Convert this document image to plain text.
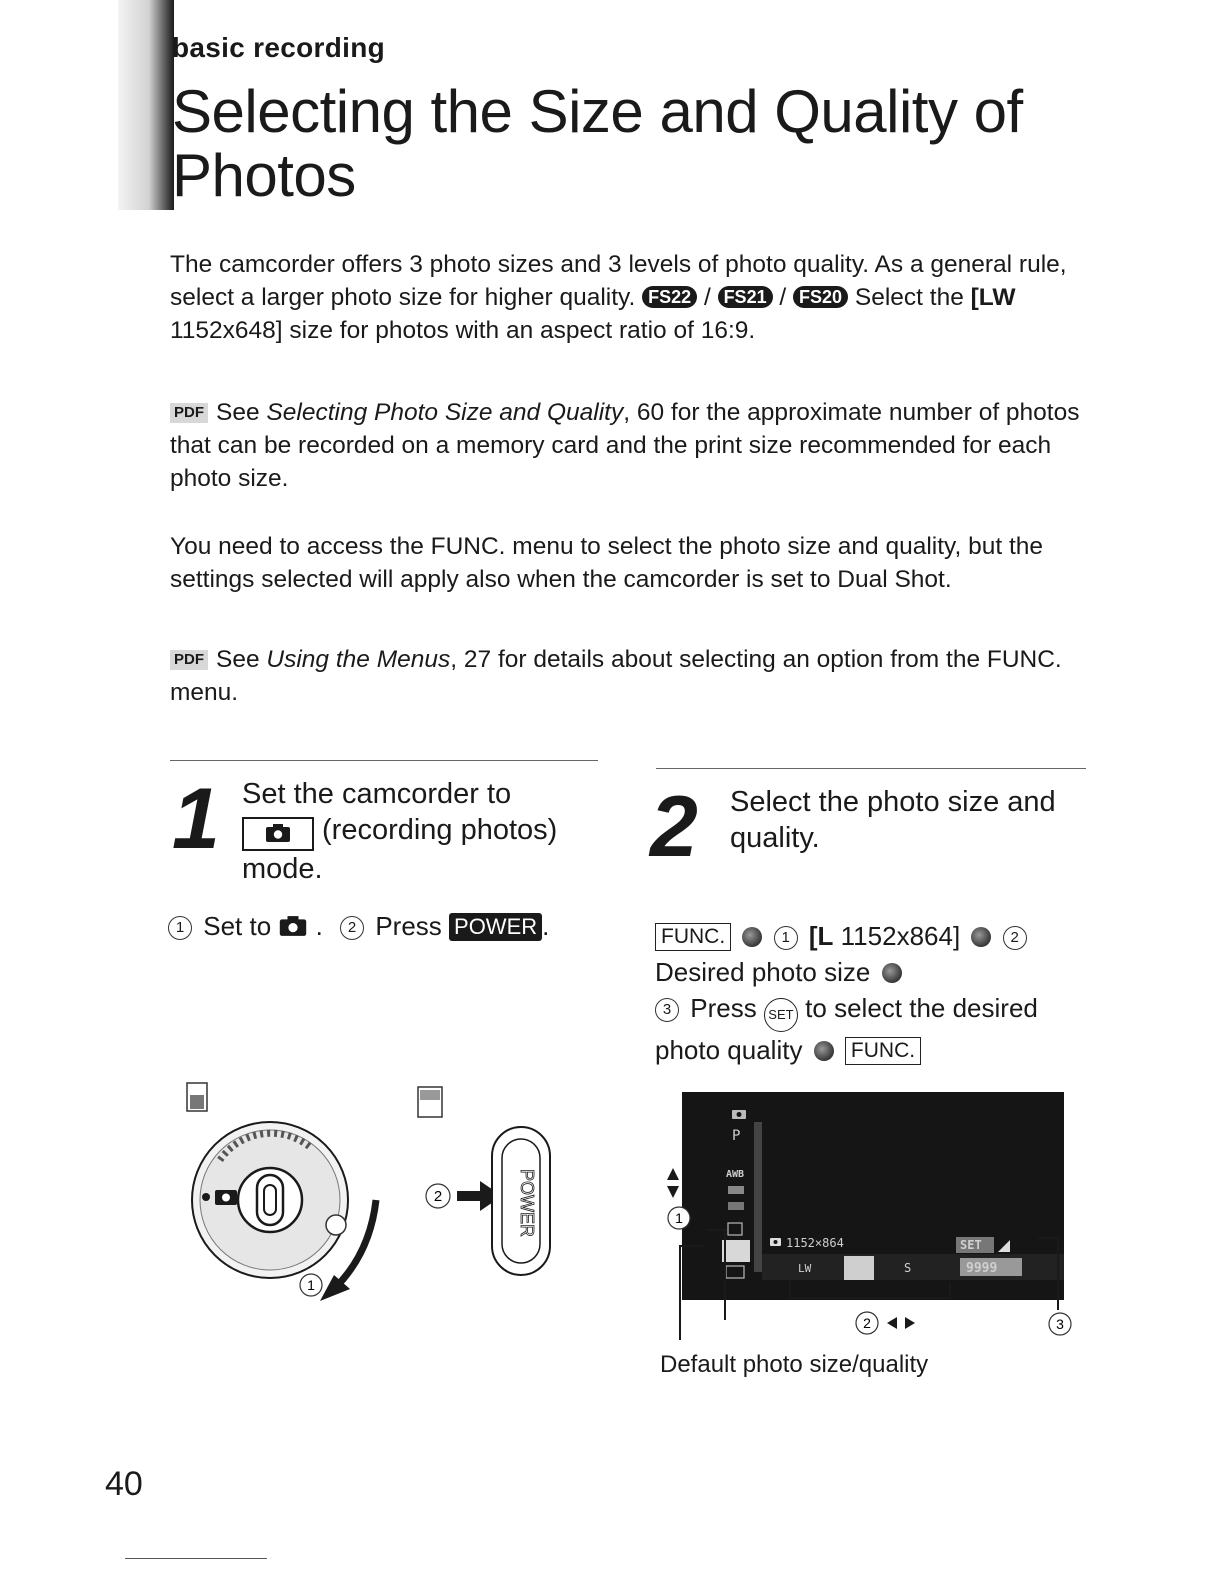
basic recording
Selecting the Size and Quality of Photos

The camcorder offers 3 photo sizes and 3 levels of photo quality. As a general rule, select a larger photo size for higher quality. FS22 / FS21 / FS20 Select the [LW 1152x648] size for photos with an aspect ratio of 16:9.

PDF See Selecting Photo Size and Quality, 60 for the approximate number of photos that can be recorded on a memory card and the print size recommended for each photo size.

You need to access the FUNC. menu to select the photo size and quality, but the settings selected will apply also when the camcorder is set to Dual Shot.

PDF See Using the Menus, 27 for details about selecting an option from the FUNC. menu.

1 Set the camcorder to
(recording photos) mode.

1 Set to  . 2 Press POWER .

1
2	POWER
2 Select the photo size and quality.

FUNC.	1 [L 1152x864]	2
Desired photo size
3 Press SET to select the desired photo quality FUNC.

P
AWB
1152×864
LW	S
SET
9999
1
2	3
Default photo size/quality
40
